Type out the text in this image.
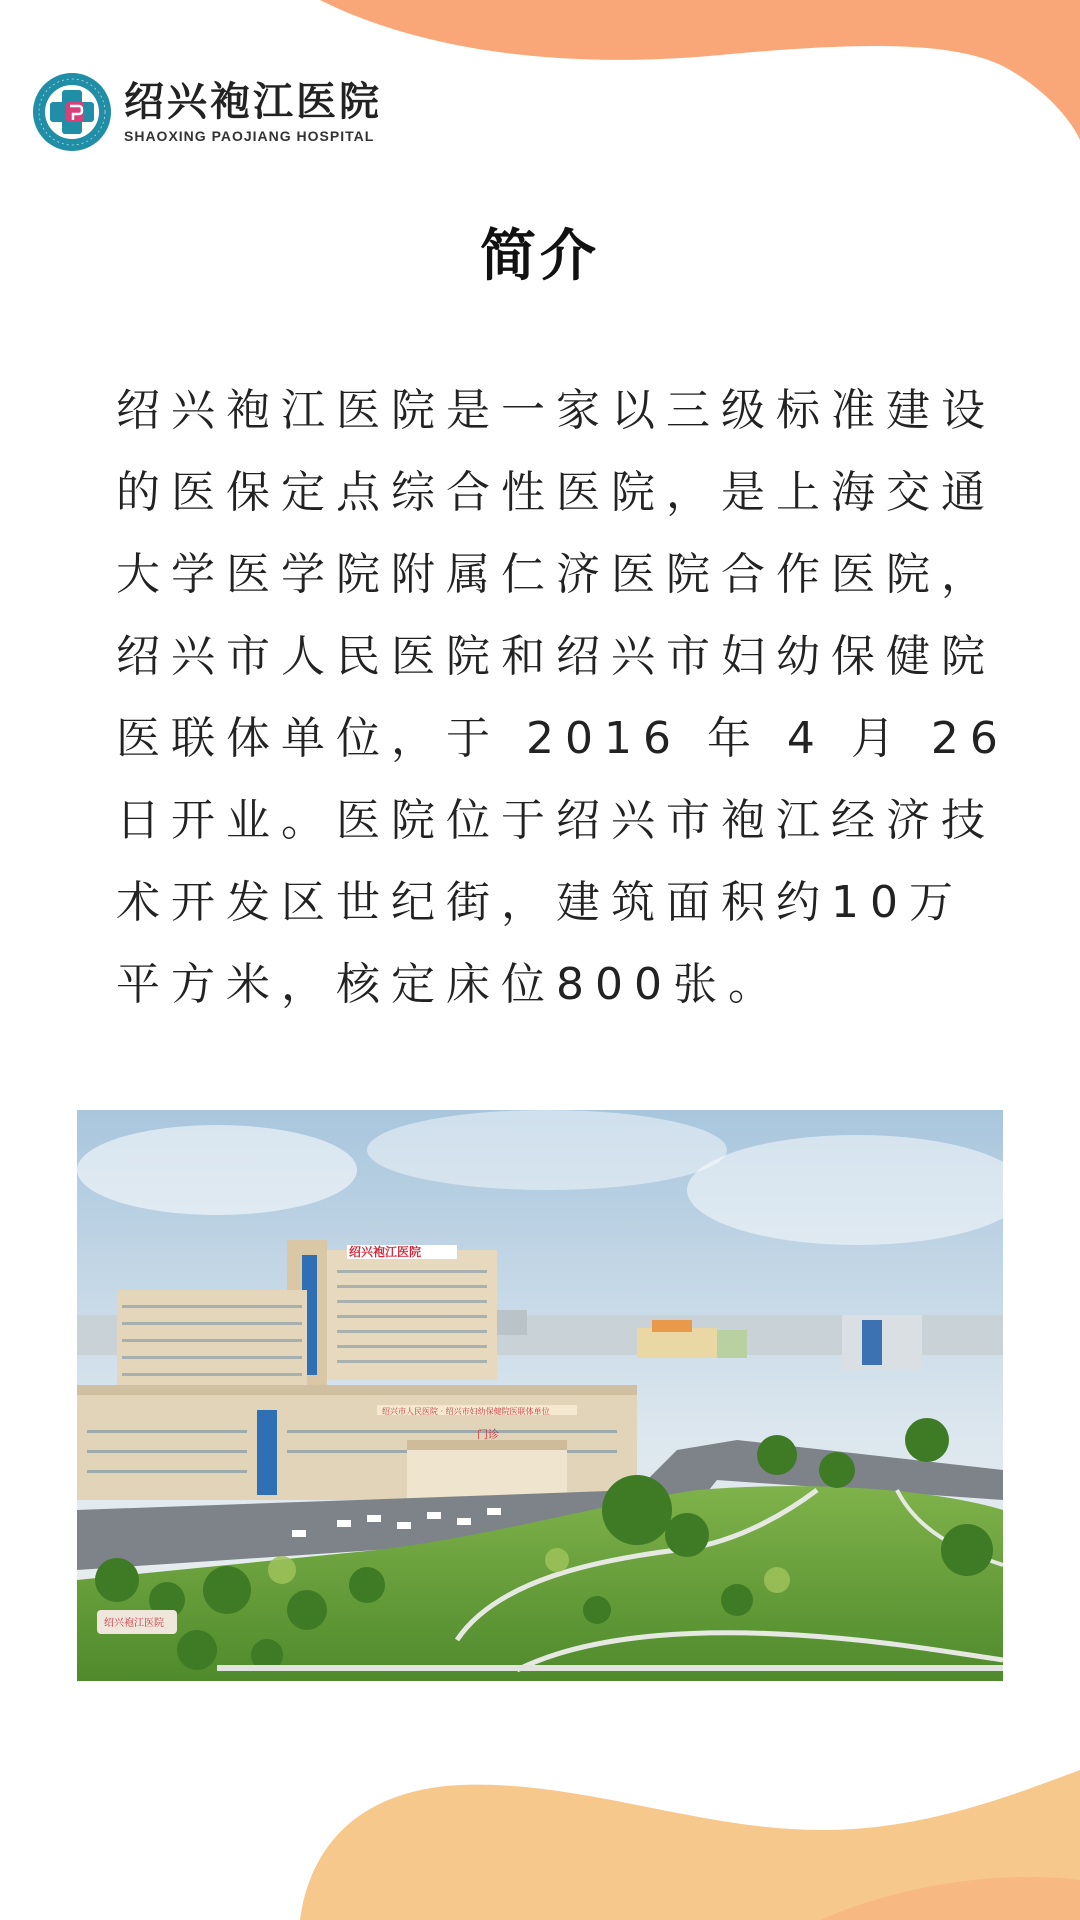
绍兴袍江医院
SHAOXING PAOJIANG HOSPITAL
简介

绍兴袍江医院是一家以三级标准建设的医保定点综合性医院，是上海交通大学医学院附属仁济医院合作医院，绍兴市人民医院和绍兴市妇幼保健院医联体单位，于 2016 年 4 月 26 日开业。医院位于绍兴市袍江经济技术开发区世纪街，建筑面积约10万平方米，核定床位800张。

绍兴袍江医院
绍兴市人民医院 · 绍兴市妇幼保健院医联体单位
门诊
绍兴袍江医院
